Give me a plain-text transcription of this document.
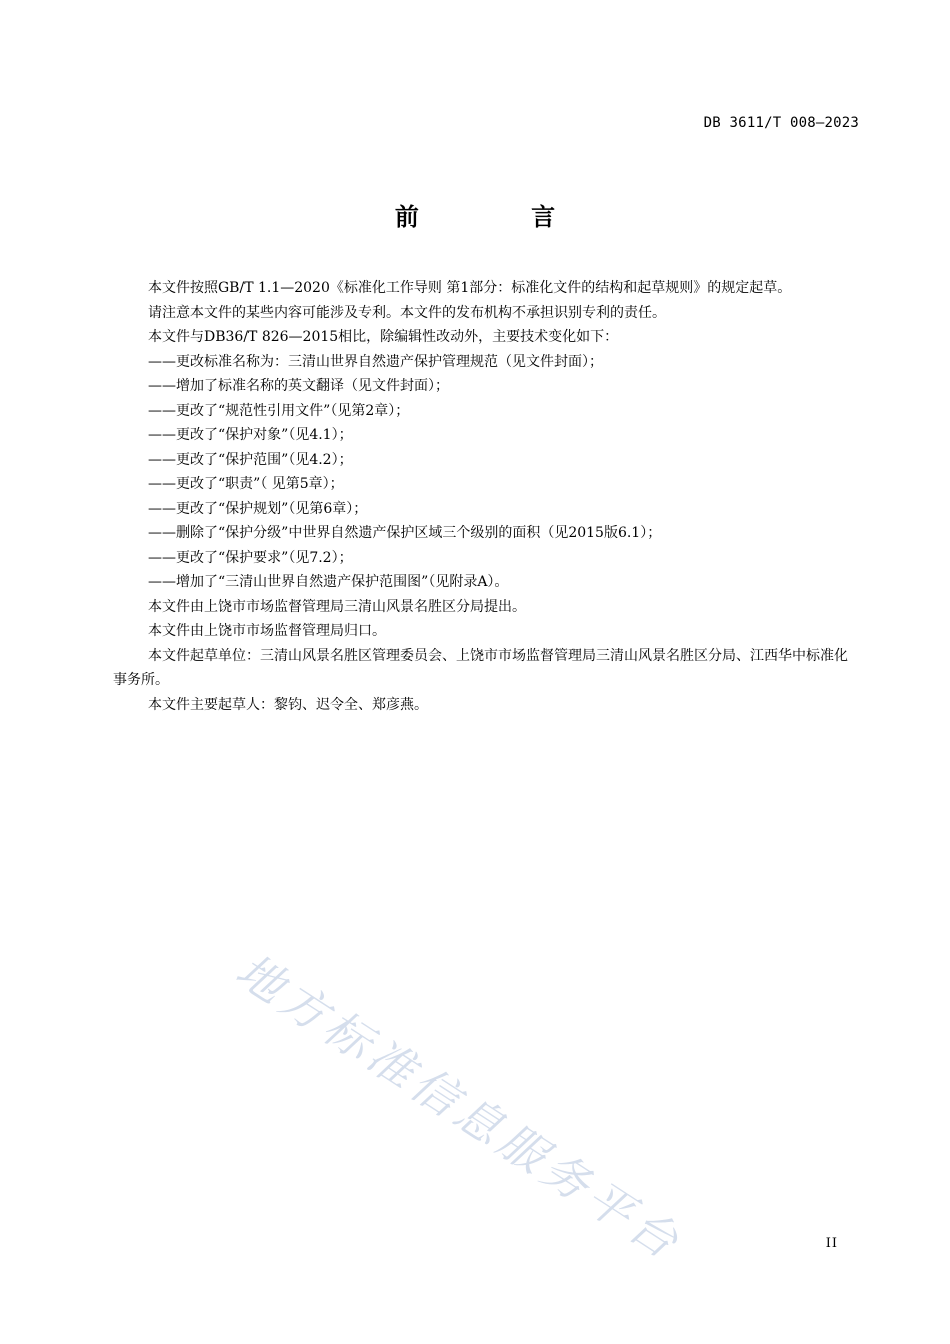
DB 3611/T 008—2023
前 言

本文件按照GB/T 1.1—2020《标准化工作导则 第1部分：标准化文件的结构和起草规则》的规定起草。

请注意本文件的某些内容可能涉及专利。本文件的发布机构不承担识别专利的责任。

本文件与DB36/T 826—2015相比，除编辑性改动外，主要技术变化如下：

——更改标准名称为：三清山世界自然遗产保护管理规范（见文件封面）；

——增加了标准名称的英文翻译（见文件封面）；

——更改了“规范性引用文件”（见第2章）；

——更改了“保护对象”（见4.1）；

——更改了“保护范围”（见4.2）；

——更改了“职责”（ 见第5章）；

——更改了“保护规划”（见第6章）；

——删除了“保护分级”中世界自然遗产保护区域三个级别的面积（见2015版6.1）；

——更改了“保护要求”（见7.2）；

——增加了“三清山世界自然遗产保护范围图”（见附录A）。

本文件由上饶市市场监督管理局三清山风景名胜区分局提出。

本文件由上饶市市场监督管理局归口。

本文件起草单位：三清山风景名胜区管理委员会、上饶市市场监督管理局三清山风景名胜区分局、江西华中标准化事务所。

本文件主要起草人：黎钧、迟令全、郑彦燕。

地方标准信息服务平台	II
